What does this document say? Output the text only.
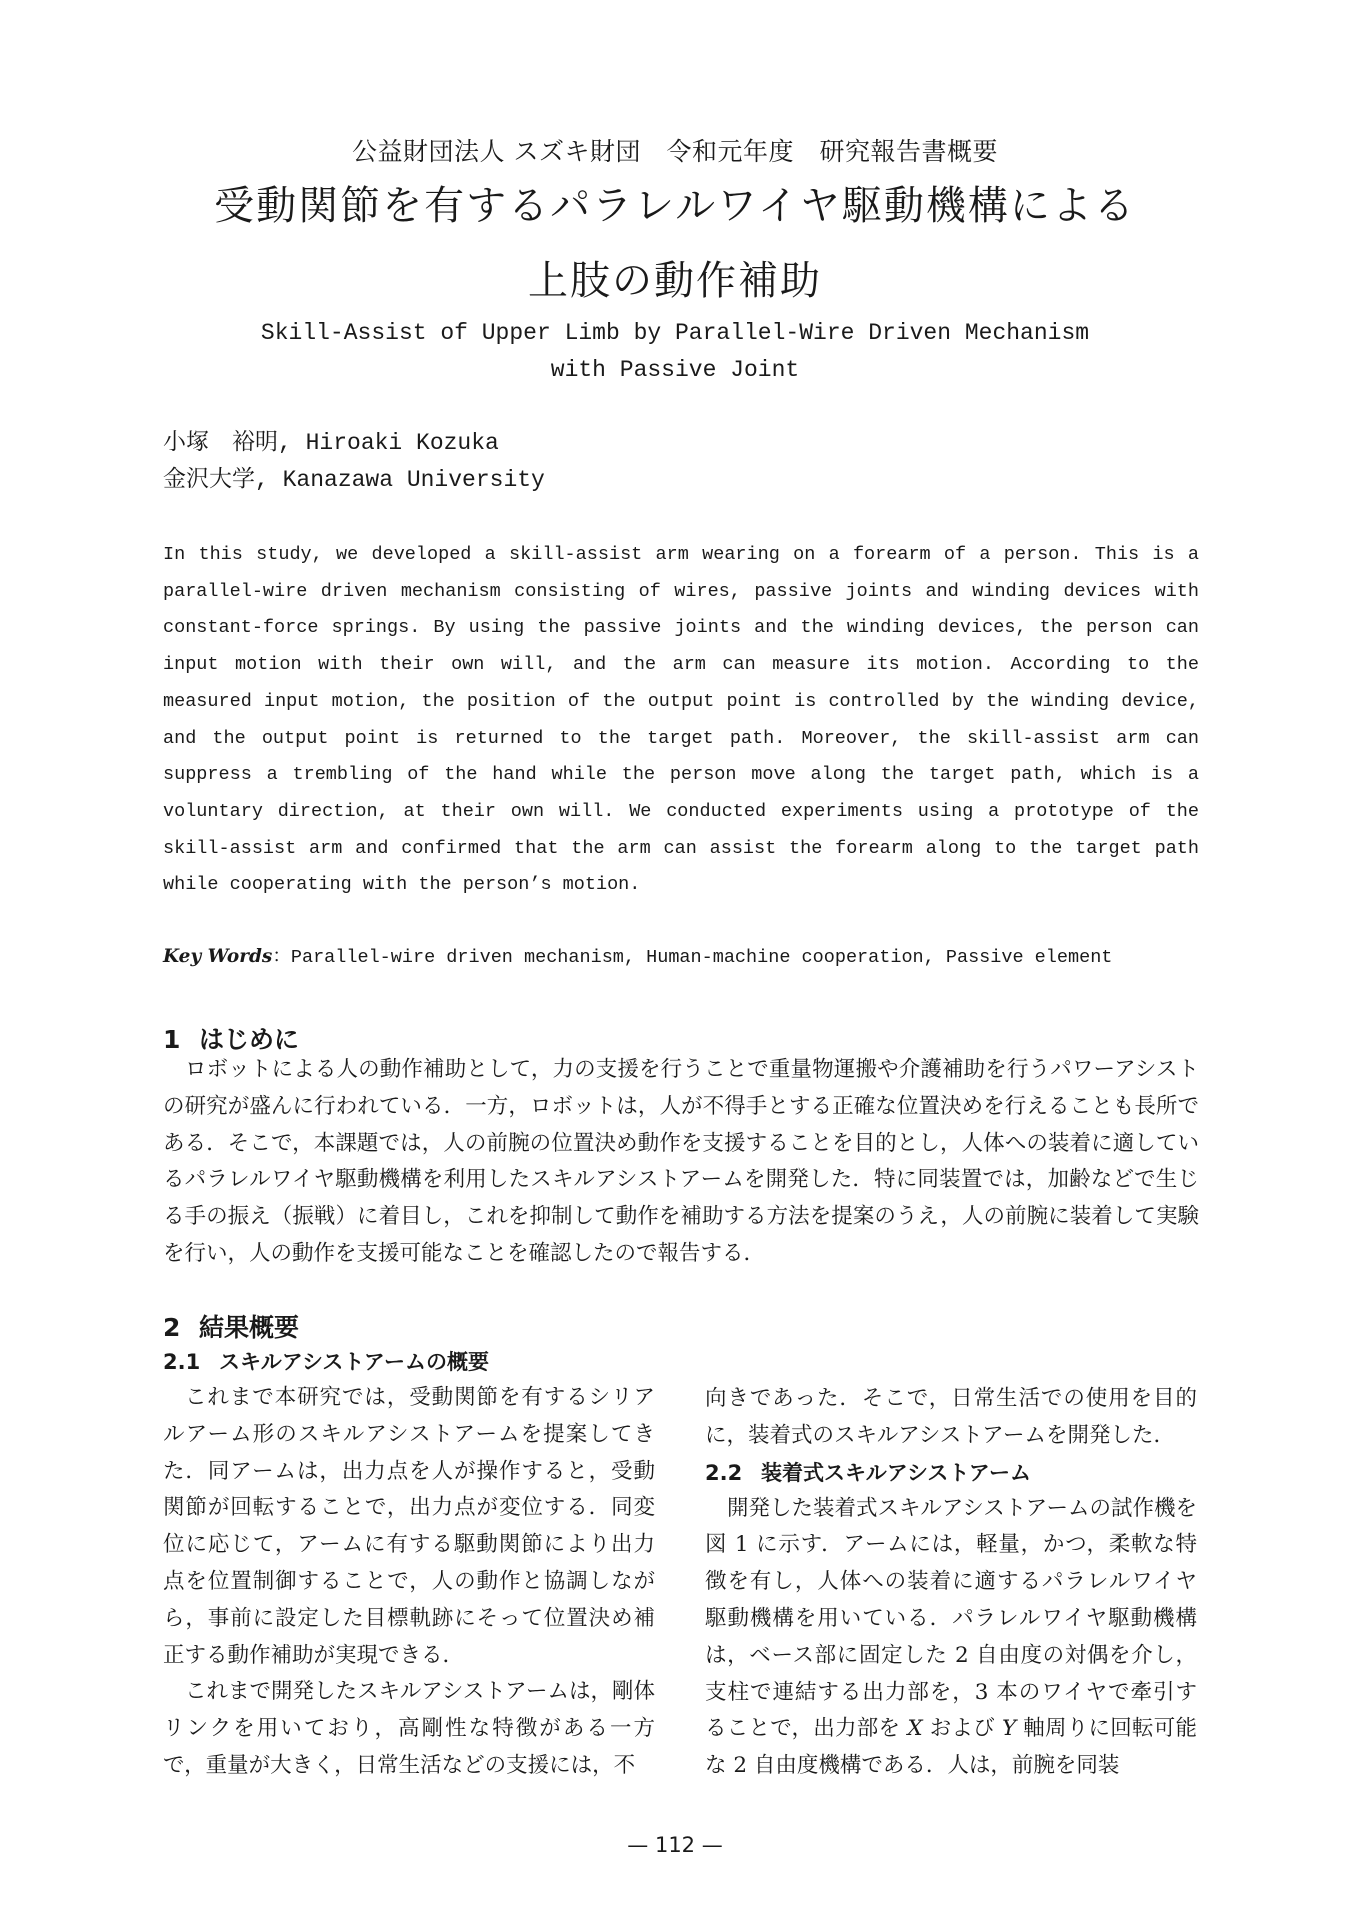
公益財団法人 スズキ財団　令和元年度　研究報告書概要
受動関節を有するパラレルワイヤ駆動機構による
上肢の動作補助
Skill-Assist of Upper Limb by Parallel-Wire Driven Mechanism
with Passive Joint
小塚　裕明, Hiroaki Kozuka
金沢大学, Kanazawa University
In this study, we developed a skill-assist arm wearing on a forearm of a person. This is a parallel-wire driven mechanism consisting of wires, passive joints and winding devices with constant-force springs. By using the passive joints and the winding devices, the person can input motion with their own will, and the arm can measure its motion. According to the measured input motion, the position of the output point is controlled by the winding device, and the output point is returned to the target path. Moreover, the skill-assist arm can suppress a trembling of the hand while the person move along the target path, which is a voluntary direction, at their own will. We conducted experiments using a prototype of the skill-assist arm and confirmed that the arm can assist the forearm along to the target path while cooperating with the person’s motion.
Key Words：Parallel-wire driven mechanism, Human-machine cooperation, Passive element
1 はじめに
ロボットによる人の動作補助として，力の支援を行うことで重量物運搬や介護補助を行うパワーアシストの研究が盛んに行われている．一方，ロボットは，人が不得手とする正確な位置決めを行えることも長所である．そこで，本課題では，人の前腕の位置決め動作を支援することを目的とし，人体への装着に適しているパラレルワイヤ駆動機構を利用したスキルアシストアームを開発した．特に同装置では，加齢などで生じる手の振え（振戦）に着目し，これを抑制して動作を補助する方法を提案のうえ，人の前腕に装着して実験を行い，人の動作を支援可能なことを確認したので報告する．
2 結果概要
2.1 スキルアシストアームの概要

これまで本研究では，受動関節を有するシリアルアーム形のスキルアシストアームを提案してきた．同アームは，出力点を人が操作すると，受動関節が回転することで，出力点が変位する．同変位に応じて，アームに有する駆動関節により出力点を位置制御することで，人の動作と協調しながら，事前に設定した目標軌跡にそって位置決め補正する動作補助が実現できる．

これまで開発したスキルアシストアームは，剛体リンクを用いており，高剛性な特徴がある一方で，重量が大きく，日常生活などの支援には，不

向きであった．そこで，日常生活での使用を目的に，装着式のスキルアシストアームを開発した．

2.2 装着式スキルアシストアーム

開発した装着式スキルアシストアームの試作機を図 1 に示す．アームには，軽量，かつ，柔軟な特徴を有し，人体への装着に適するパラレルワイヤ駆動機構を用いている．パラレルワイヤ駆動機構は，ベース部に固定した 2 自由度の対偶を介し，支柱で連結する出力部を，3 本のワイヤで牽引することで，出力部を X および Y 軸周りに回転可能な 2 自由度機構である．人は，前腕を同装

— 112 —
